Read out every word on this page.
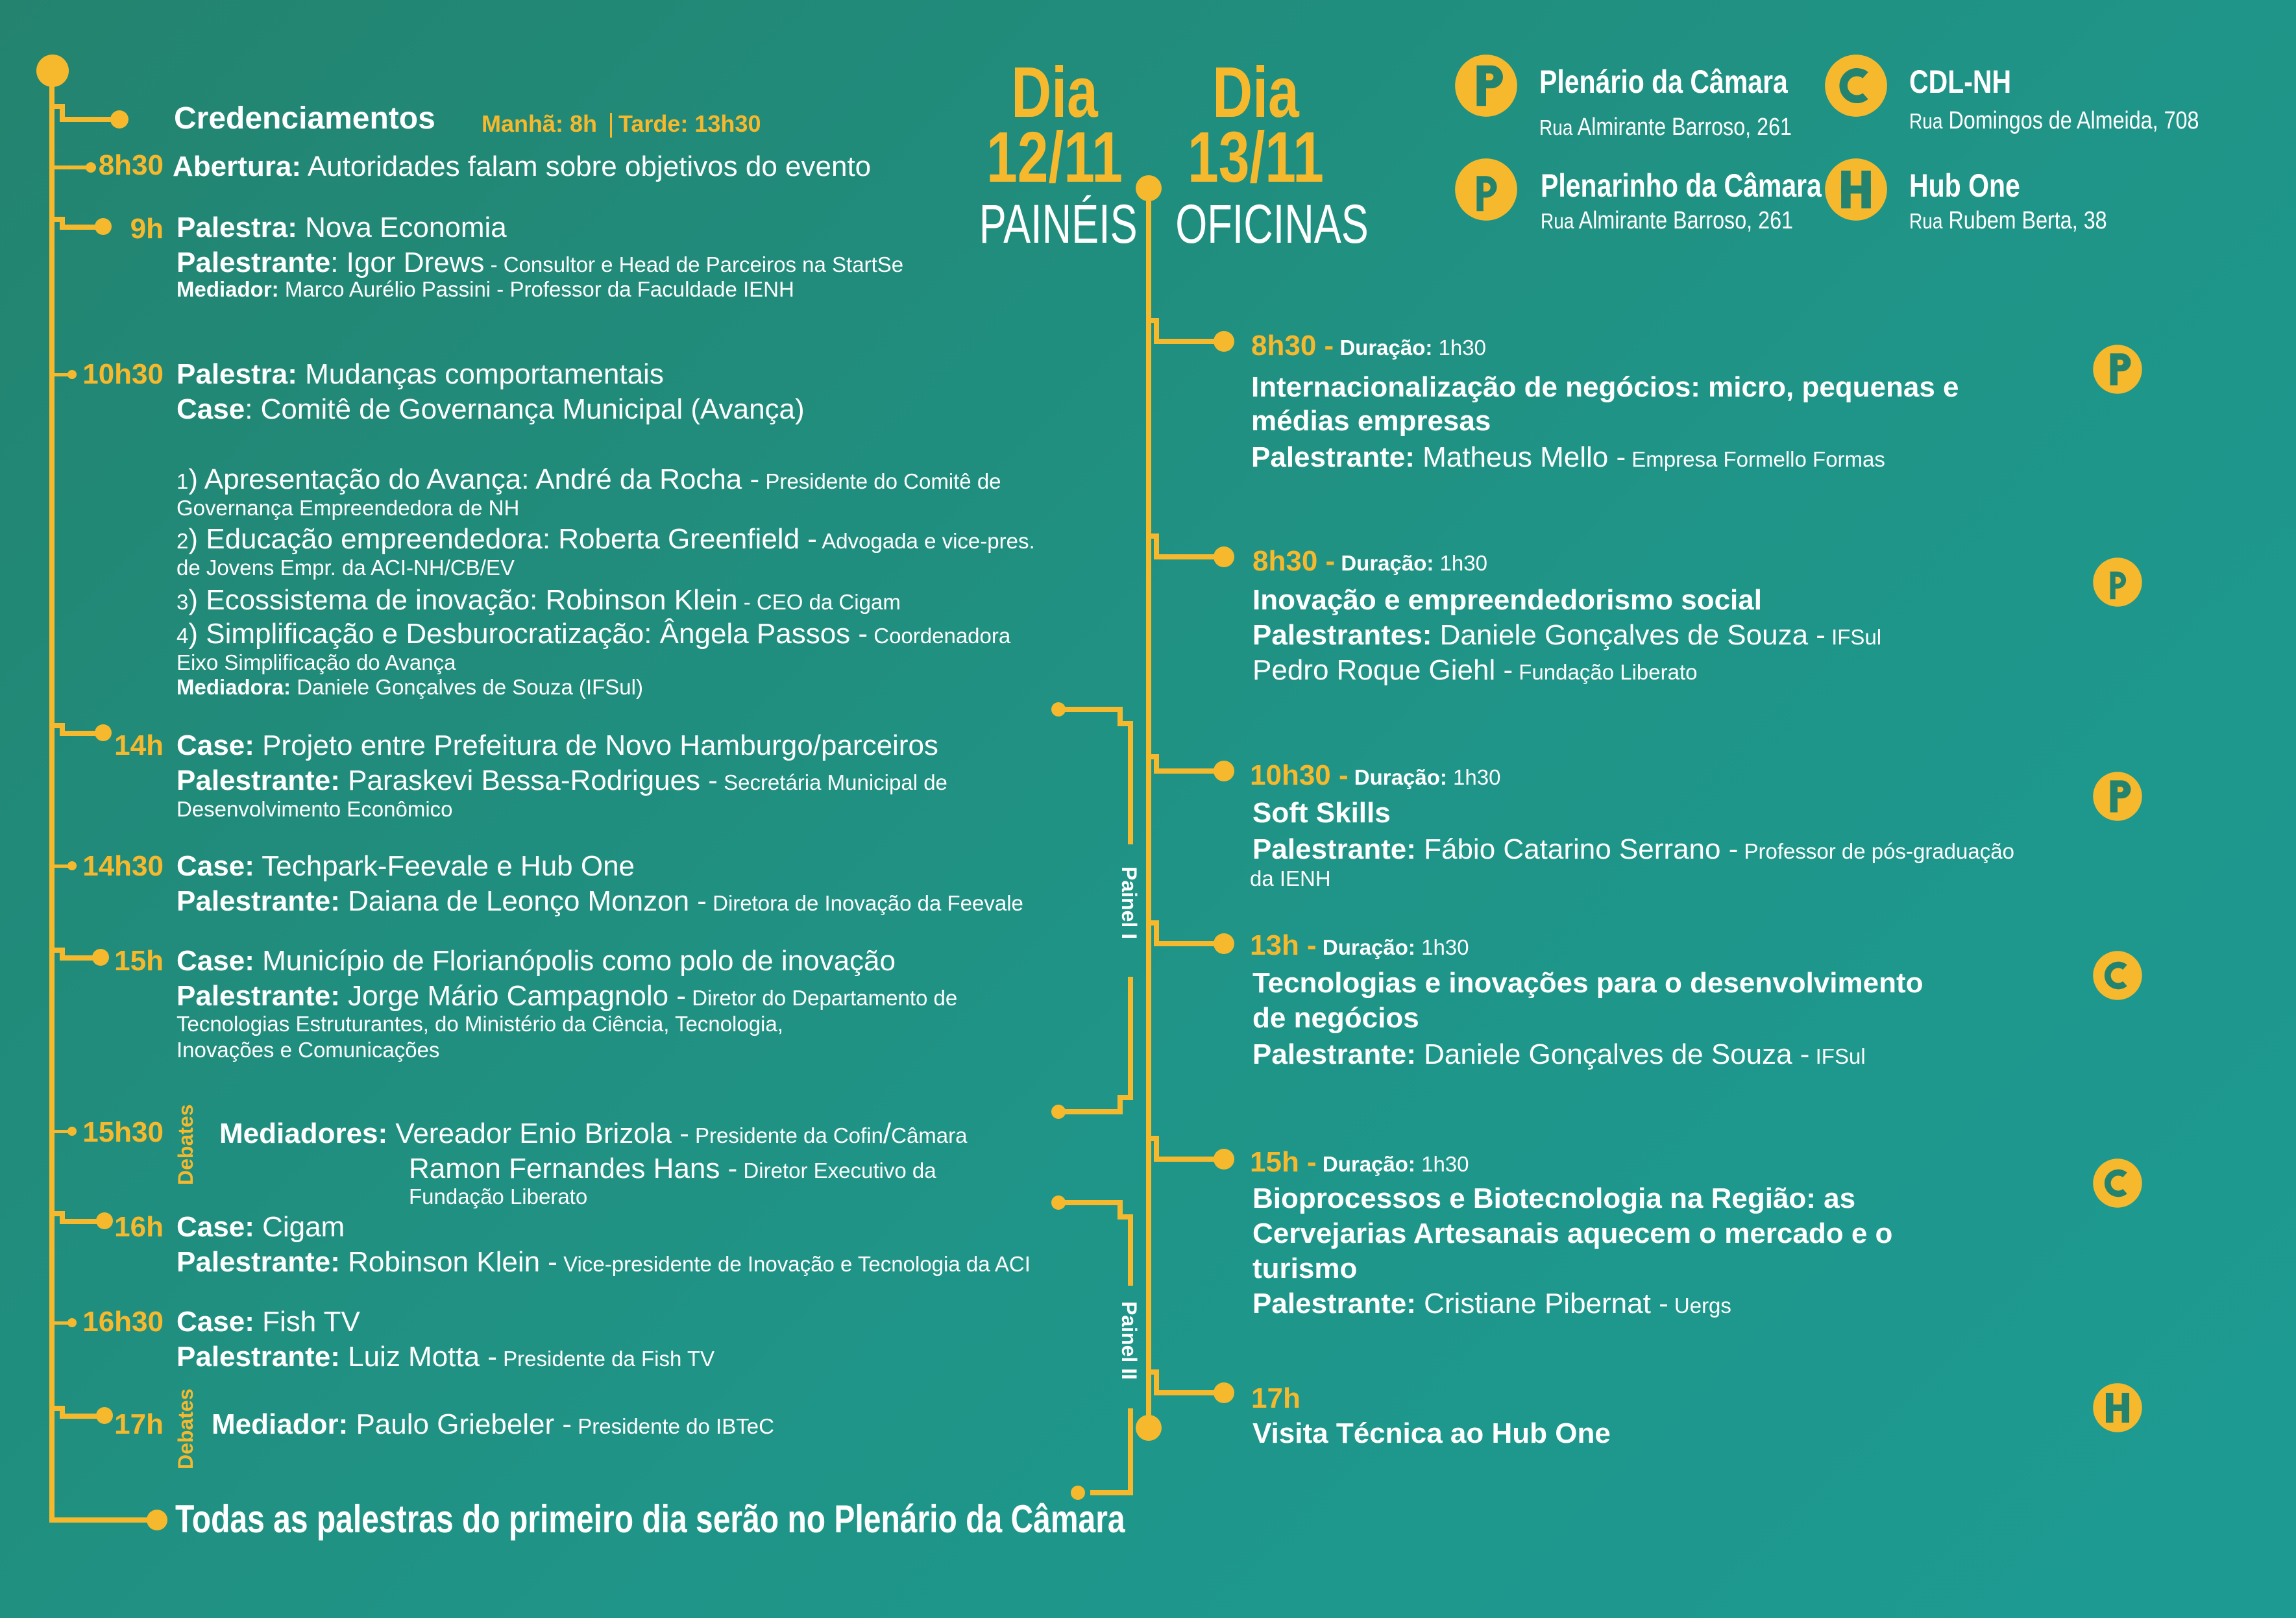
Dia
12/11
PAINÉIS
Dia
13/11
OFICINAS
Plenário da Câmara
Rua Almirante Barroso, 261
Plenarinho da Câmara
Rua Almirante Barroso, 261
CDL-NH
Rua Domingos de Almeida, 708
Hub One
Rua Rubem Berta, 38
Painel I
Painel II
Credenciamentos Manhã: 8h Tarde: 13h30
8h30 Abertura: Autoridades falam sobre objetivos do evento
9h Palestra: Nova Economia
Palestrante: Igor Drews - Consultor e Head de Parceiros na StartSe
Mediador: Marco Aurélio Passini - Professor da Faculdade IENH
10h30 Palestra: Mudanças comportamentais
Case: Comitê de Governança Municipal (Avança)
1) Apresentação do Avança: André da Rocha - Presidente do Comitê de
Governança Empreendedora de NH
2) Educação empreendedora: Roberta Greenfield - Advogada e vice-pres.
de Jovens Empr. da ACI-NH/CB/EV
3) Ecossistema de inovação: Robinson Klein - CEO da Cigam
4) Simplificação e Desburocratização: Ângela Passos - Coordenadora
Eixo Simplificação do Avança
Mediadora: Daniele Gonçalves de Souza (IFSul)
14h Case: Projeto entre Prefeitura de Novo Hamburgo/parceiros
Palestrante: Paraskevi Bessa-Rodrigues - Secretária Municipal de
Desenvolvimento Econômico
14h30 Case: Techpark-Feevale e Hub One
Palestrante: Daiana de Leonço Monzon - Diretora de Inovação da Feevale
15h Case: Município de Florianópolis como polo de inovação
Palestrante: Jorge Mário Campagnolo - Diretor do Departamento de
Tecnologias Estruturantes, do Ministério da Ciência, Tecnologia,
Inovações e Comunicações
15h30 Debates Mediadores: Vereador Enio Brizola - Presidente da Cofin/Câmara
Ramon Fernandes Hans - Diretor Executivo da
Fundação Liberato
16h Case: Cigam
Palestrante: Robinson Klein - Vice-presidente de Inovação e Tecnologia da ACI
16h30 Case: Fish TV
Palestrante: Luiz Motta - Presidente da Fish TV
17h Debates Mediador: Paulo Griebeler - Presidente do IBTeC
Todas as palestras do primeiro dia serão no Plenário da Câmara
8h30 - Duração: 1h30
Internacionalização de negócios: micro, pequenas e
médias empresas
Palestrante: Matheus Mello - Empresa Formello Formas
8h30 - Duração: 1h30
Inovação e empreendedorismo social
Palestrantes: Daniele Gonçalves de Souza - IFSul
Pedro Roque Giehl - Fundação Liberato
10h30 - Duração: 1h30
Soft Skills
Palestrante: Fábio Catarino Serrano - Professor de pós-graduação
da IENH
13h - Duração: 1h30
Tecnologias e inovações para o desenvolvimento
de negócios
Palestrante: Daniele Gonçalves de Souza - IFSul
15h - Duração: 1h30
Bioprocessos e Biotecnologia na Região: as
Cervejarias Artesanais aquecem o mercado e o
turismo
Palestrante: Cristiane Pibernat - Uergs
17h
Visita Técnica ao Hub One
